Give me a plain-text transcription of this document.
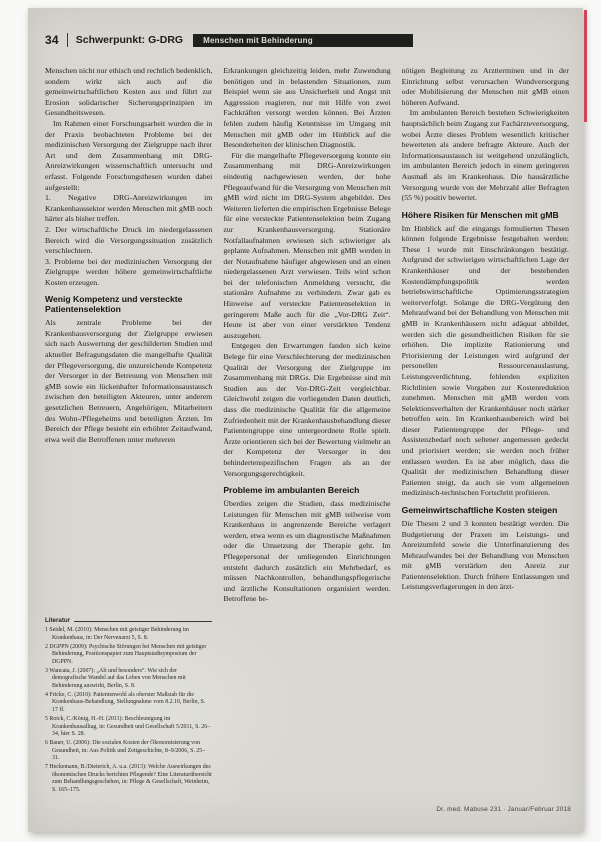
34 Schwerpunkt: G-DRG	Menschen mit Behinderung

Menschen nicht nur ethisch und rechtlich bedenklich, sondern wirkt sich auch auf die gemeinwirtschaftlichen Kosten aus und führt zur Erosion solidarischer Sicherungsprinzipien im Gesundheitswesen.

Im Rahmen einer Forschungsarbeit wurden die in der Praxis beobachteten Probleme bei der medizinischen Versorgung der Zielgruppe nach ihrer Art und dem Zusammenhang mit DRG-Anreizwirkungen wissenschaftlich untersucht und erfasst. Folgende Forschungsthesen wurden dabei aufgestellt:

1. Negative DRG-Anreizwirkungen im Krankenhaussektor werden Menschen mit gMB noch härter als bisher treffen.

2. Der wirtschaftliche Druck im niedergelassenen Bereich wird die Versorgungssituation zusätzlich verschlechtern.

3. Probleme bei der medizinischen Versorgung der Zielgruppe werden höhere gemeinwirtschaftliche Kosten erzeugen.

Wenig Kompetenz und versteckte Patientenselektion

Als zentrale Probleme bei der Krankenhausversorgung der Zielgruppe erwiesen sich nach Auswertung der geschilderten Studien und aktueller Befragungsdaten die mangelhafte Qualität der Pflegeversorgung, die unzureichende Kompetenz der Versorger in der Betreuung von Menschen mit gMB sowie ein lückenhafter Informationsaustausch zwischen den beteiligten Akteuren, unter anderem gesetzlichen Betreuern, Angehörigen, Mitarbeitern des Wohn-/Pflegeheims und beteiligten Ärzten. Im Bereich der Pflege besteht ein erhöhter Zeitaufwand, etwa weil die Betroffenen unter mehreren

Literatur

1 Seidel, M. (2010): Menschen mit geistiger Behinderung im Krankenhaus, in: Der Nervenarzt 5, S. 8.

2 DGPPN (2009): Psychische Störungen bei Menschen mit geistiger Behinderung, Positionspapier zum Hauptstadtsymposium der DGPPN.

3 Wancata, J. (2007): „Alt und besonders“. Wie sich der demografische Wandel auf das Leben von Menschen mit Behinderung auswirkt, Berlin, S. 8.

4 Fricke, C. (2010): Patientenwohl als oberster Maßstab für die Krankenhaus-Behandlung, Stellungnahme vom 8.2.10, Berlin, S. 17 ff.

5 Roick, C./König, H.-H. (2011): Beschleunigung im Krankenhausalltag, in: Gesundheit und Gesellschaft 5/2011, S. 26–34, hier S. 28.

6 Bauer, U. (2006): Die sozialen Kosten der Ökonomisierung von Gesundheit, in: Aus Politik und Zeitgeschichte, 8–9/2006, S. 25–31.

7 Heckemann, B./Dieterich, A. u.a. (2013): Welche Auswirkungen des ökonomischen Drucks berichten Pflegende? Eine Literaturübersicht zum Behandlungsgeschehen, in: Pflege & Gesellschaft, Weinheim, S. 165–175.

Erkrankungen gleichzeitig leiden, mehr Zuwendung benötigen und in belastenden Situationen, zum Beispiel wenn sie aus Unsicherheit und Angst mit Aggression reagieren, nur mit Hilfe von zwei Fachkräften versorgt werden können. Bei Ärzten fehlen zudem häufig Kenntnisse im Umgang mit Menschen mit gMB oder im Hinblick auf die Besonderheiten der klinischen Diagnostik.

Für die mangelhafte Pflegeversorgung konnte ein Zusammenhang mit DRG-Anreizwirkungen eindeutig nachgewiesen werden, der hohe Pflegeaufwand für die Versorgung von Menschen mit gMB wird nicht im DRG-System abgebildet. Des Weiteren lieferten die empirischen Ergebnisse Belege für eine versteckte Patientenselektion beim Zugang zur Krankenhausversorgung. Stationäre Notfallaufnahmen erwiesen sich schwieriger als geplante Aufnahmen. Menschen mit gMB werden in der Notaufnahme häufiger abgewiesen und an einen niedergelassenen Arzt verwiesen. Teils wird schon bei der telefonischen Anmeldung versucht, die stationäre Aufnahme zu verhindern. Zwar gab es Hinweise auf versteckte Patientenselektion in geringerem Maße auch für die „Vor-DRG Zeit“. Heute ist aber von einer verstärkten Tendenz auszugehen.

Entgegen den Erwartungen fanden sich keine Belege für eine Verschlechterung der medizinischen Qualität der Versorgung der Zielgruppe im Zusammenhang mit DRGs. Die Ergebnisse sind mit Studien aus der Vor-DRG-Zeit vergleichbar. Gleichwohl zeigen die vorliegenden Daten deutlich, dass die medizinische Qualität für die allgemeine Zufriedenheit mit der Krankenhausbehandlung dieser Patientengruppe eine untergeordnete Rolle spielt. Ärzte orientieren sich bei der Bewertung vielmehr an der Kompetenz der Versorger in den behindertenspezifischen Fragen als an der Versorgungsgerechtigkeit.

Probleme im ambulanten Bereich

Überdies zeigen die Studien, dass medizinische Leistungen für Menschen mit gMB teilweise vom Krankenhaus in angrenzende Bereiche verlagert werden, etwa wenn es um diagnostische Maßnahmen oder die Umsetzung der Therapie geht. Im Pflegepersonal der umliegenden Einrichtungen entsteht dadurch zusätzlich ein Mehrbedarf, es müssen Nachkontrollen, behandlungspflegerische und ärztliche Konsultationen organisiert werden. Betroffene be-

nötigen Begleitung zu Arztterminen und in der Einrichtung selbst verursachen Wundversorgung oder Mobilisierung der Menschen mit gMB einen höheren Aufwand.

Im ambulanten Bereich bestehen Schwierigkeiten hauptsächlich beim Zugang zur Fachärzteversorgung, wobei Ärzte dieses Problem wesentlich kritischer bewerteten als andere befragte Akteure. Auch der Informationsaustausch ist weitgehend unzulänglich, im ambulanten Bereich jedoch in einem geringeren Ausmaß als im Krankenhaus. Die hausärztliche Versorgung wurde von der Mehrzahl aller Befragten (55 %) positiv bewertet.

Höhere Risiken für Menschen mit gMB

Im Hinblick auf die eingangs formulierten Thesen können folgende Ergebnisse festgehalten werden: These 1 wurde mit Einschränkungen bestätigt. Aufgrund der schwierigen wirtschaftlichen Lage der Krankenhäuser und der bestehenden Kostendämpfungspolitik werden betriebswirtschaftliche Optimierungsstrategien weiterverfolgt. Solange die DRG-Vergütung den Mehraufwand bei der Behandlung von Menschen mit gMB in Krankenhäusern nicht adäquat abbildet, werden sich die gesundheitlichen Risiken für sie erhöhen. Die implizite Rationierung und Priorisierung der Leistungen wird aufgrund der personellen Ressourcenauslastung, Leistungsverdichtung, fehlenden expliziten Richtlinien sowie Vorgaben zur Kostenreduktion zunehmen. Menschen mit gMB werden vom Selektionsverhalten der Krankenhäuser noch stärker betroffen sein. Im Krankenhausbereich wird bei dieser Patientengruppe der Pflege- und Assistenzbedarf noch seltener angemessen gedeckt und priorisiert werden; sie werden noch früher entlassen werden. Es ist aber möglich, dass die Qualität der medizinischen Behandlung dieser Patienten steigt, da auch sie vom allgemeinen medizinisch-technischen Fortschritt profitieren.

Gemeinwirtschaftliche Kosten steigen

Die Thesen 2 und 3 konnten bestätigt werden. Die Budgetierung der Praxen im Leistungs- und Anreizumfeld sowie die Unterfinanzierung des Mehraufwandes bei der Behandlung von Menschen mit gMB verstärken den Anreiz zur Patientenselektion. Durch frühere Entlassungen und Leistungsverlagerungen in den ärzt-

Dr. med. Mabuse 231 · Januar/Februar 2018
